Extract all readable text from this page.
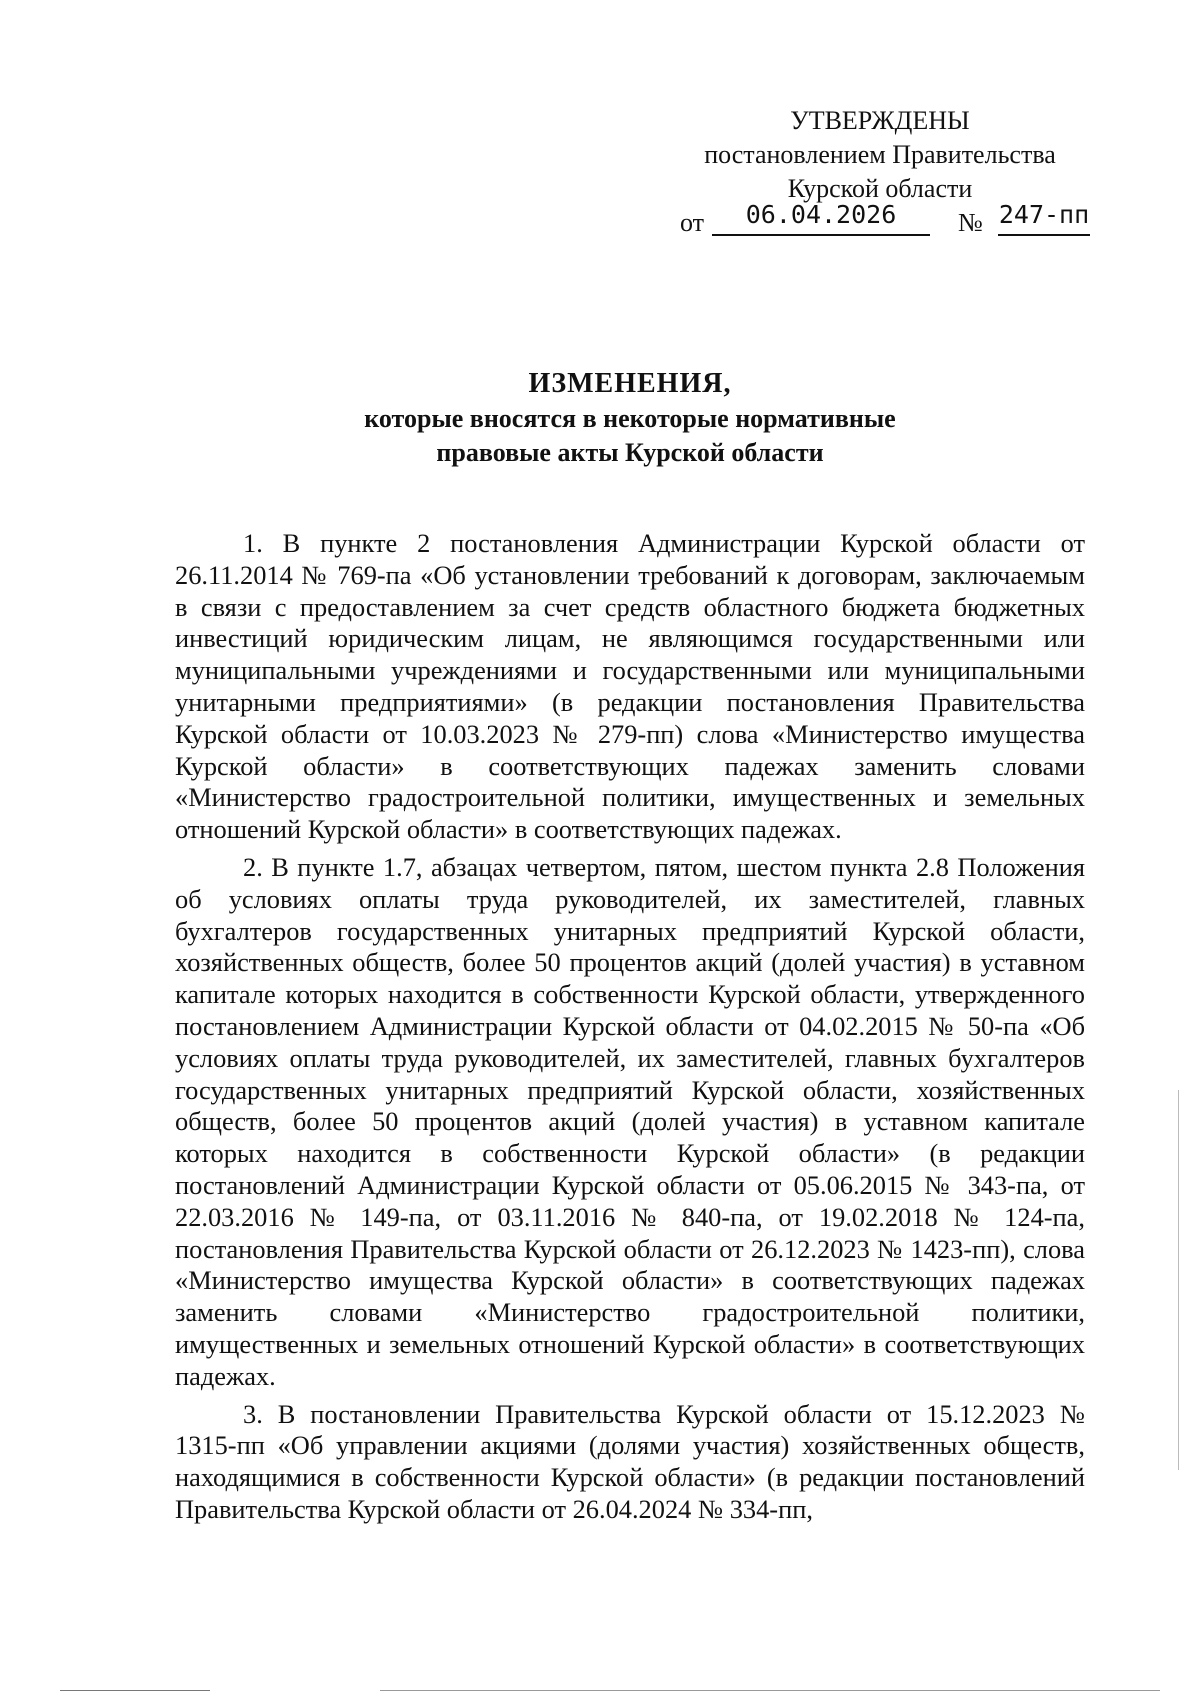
УТВЕРЖДЕНЫ
постановлением Правительства
Курской области
от	06.04.2026	№ 247-пп
ИЗМЕНЕНИЯ,
которые вносятся в некоторые нормативные
правовые акты Курской области

1. В пункте 2 постановления Администрации Курской области от 26.11.2014 № 769-па «Об установлении требований к договорам, заключаемым в связи с предоставлением за счет средств областного бюджета бюджетных инвестиций юридическим лицам, не являющимся государственными или муниципальными учреждениями и государственными или муниципальными унитарными предприятиями» (в редакции постановления Правительства Курской области от 10.03.2023 № 279-пп) слова «Министерство имущества Курской области» в соответствующих падежах заменить словами «Министерство градостроительной политики, имущественных и земельных отношений Курской области» в соответствующих падежах.

2. В пункте 1.7, абзацах четвертом, пятом, шестом пункта 2.8 Положения об условиях оплаты труда руководителей, их заместителей, главных бухгалтеров государственных унитарных предприятий Курской области, хозяйственных обществ, более 50 процентов акций (долей участия) в уставном капитале которых находится в собственности Курской области, утвержденного постановлением Администрации Курской области от 04.02.2015 № 50-па «Об условиях оплаты труда руководителей, их заместителей, главных бухгалтеров государственных унитарных предприятий Курской области, хозяйственных обществ, более 50 процентов акций (долей участия) в уставном капитале которых находится в собственности Курской области» (в редакции постановлений Администрации Курской области от 05.06.2015 № 343-па, от 22.03.2016 № 149-па, от 03.11.2016 № 840-па, от 19.02.2018 № 124-па, постановления Правительства Курской области от 26.12.2023 № 1423-пп), слова «Министерство имущества Курской области» в соответствующих падежах заменить словами «Министерство градостроительной политики, имущественных и земельных отношений Курской области» в соответствующих падежах.

3. В постановлении Правительства Курской области от 15.12.2023 № 1315-пп «Об управлении акциями (долями участия) хозяйственных обществ, находящимися в собственности Курской области» (в редакции постановлений Правительства Курской области от 26.04.2024 № 334-пп,
